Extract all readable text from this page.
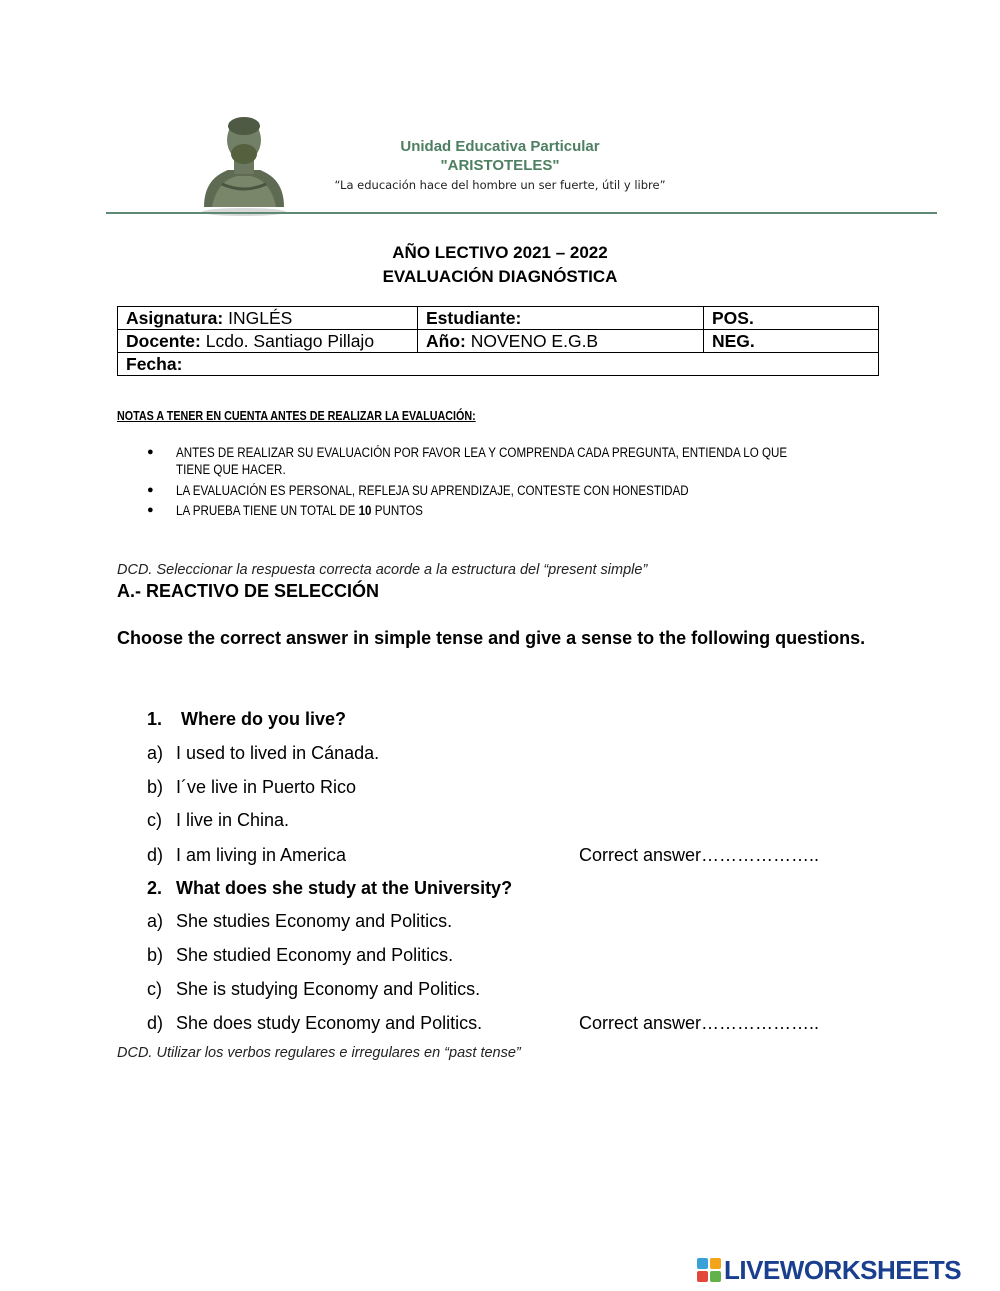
Unidad Educativa Particular
"ARISTOTELES"
“La educación hace del hombre un ser fuerte, útil y libre”
AÑO LECTIVO 2021 – 2022
EVALUACIÓN DIAGNÓSTICA
Asignatura: INGLÉS	Estudiante:	POS.
Docente: Lcdo. Santiago Pillajo	Año: NOVENO E.G.B	NEG.
Fecha:		
NOTAS A TENER EN CUENTA ANTES DE REALIZAR LA EVALUACIÓN:
● ANTES DE REALIZAR SU EVALUACIÓN POR FAVOR LEA Y COMPRENDA CADA PREGUNTA, ENTIENDA LO QUE
TIENE QUE HACER.
● LA EVALUACIÓN ES PERSONAL, REFLEJA SU APRENDIZAJE, CONTESTE CON HONESTIDAD
● LA PRUEBA TIENE UN TOTAL DE 10 PUNTOS
DCD. Seleccionar la respuesta correcta acorde a la estructura del “present simple”
A.- REACTIVO DE SELECCIÓN
Choose the correct answer in simple tense and give a sense to the following questions.
1. Where do you live?
a) I used to lived in Cánada.
b) I´ve live in Puerto Rico
c) I live in China.
d) I am living in America	Correct answer………………..
2. What does she study at the University?
a) She studies Economy and Politics.
b) She studied Economy and Politics.
c) She is studying Economy and Politics.
d) She does study Economy and Politics.	Correct answer………………..
DCD. Utilizar los verbos regulares e irregulares en “past tense”
LIVEWORKSHEETS
